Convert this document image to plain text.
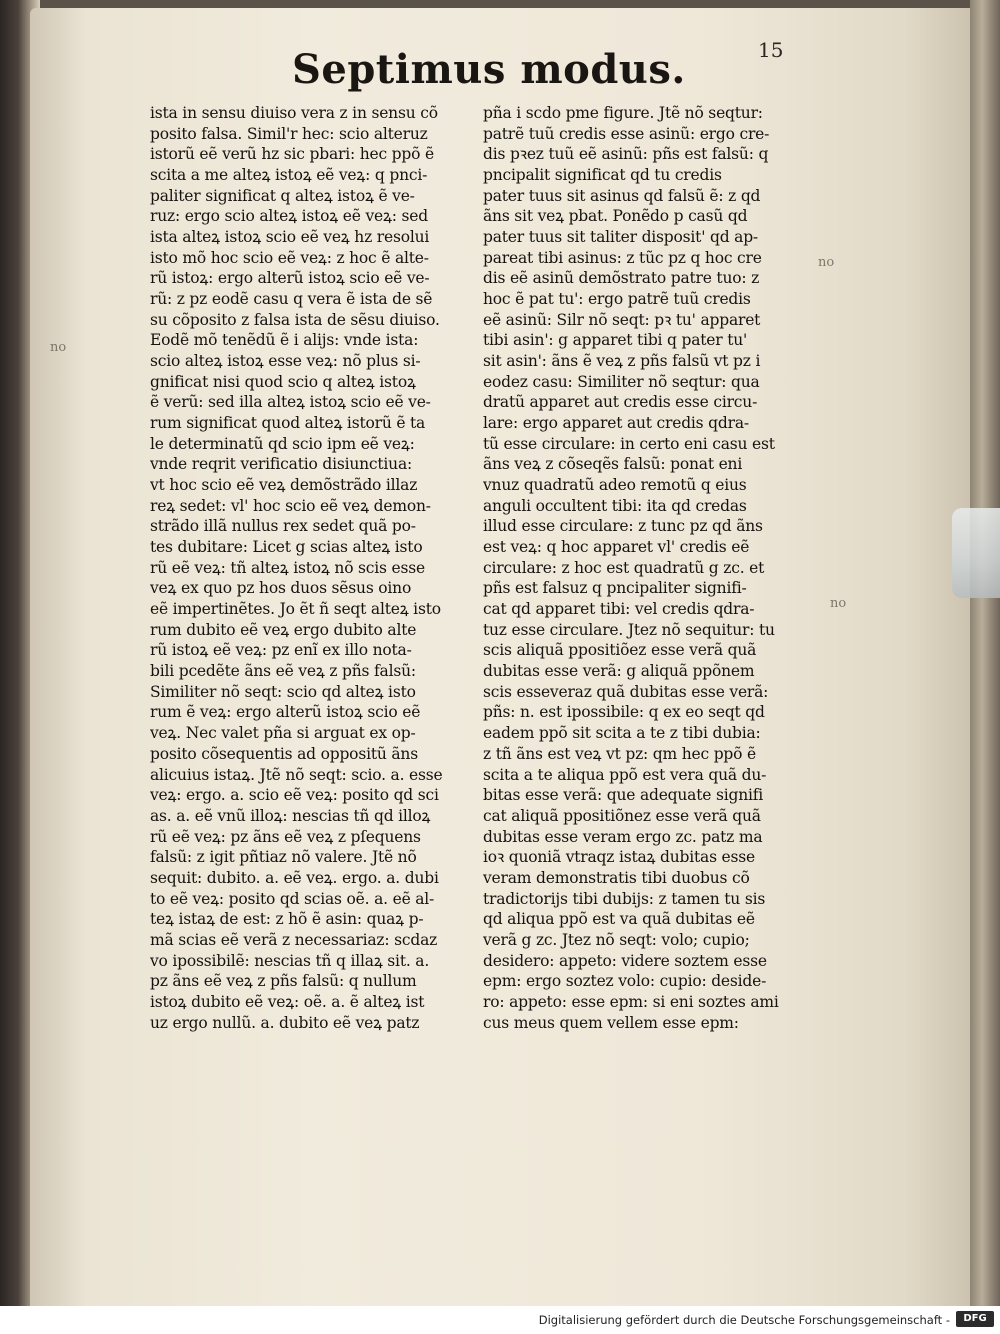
Septimus modus.	15
no
no
no
ista in sensu diuiso vera z in sensu cõ
posito falsa. Simil'r hec: scio alteruz
istorũ eẽ verũ hz sic pbari: hec ppõ ẽ
scita a me alteꝝ istoꝝ eẽ veꝝ: q pnci-
paliter significat q alteꝝ istoꝝ ẽ ve-
ruz: ergo scio alteꝝ istoꝝ eẽ veꝝ: sed
ista alteꝝ istoꝝ scio eẽ veꝝ hz resolui
isto mõ hoc scio eẽ veꝝ: z hoc ẽ alte-
rũ istoꝝ: ergo alterũ istoꝝ scio eẽ ve-
rũ: z pz eodẽ casu q vera ẽ ista de sẽ
su cõposito z falsa ista de sẽsu diuiso.
Eodẽ mõ tenẽdũ ẽ i alijs: vnde ista:
scio alteꝝ istoꝝ esse veꝝ: nõ plus si-
gnificat nisi quod scio q alteꝝ istoꝝ
ẽ verũ: sed illa alteꝝ istoꝝ scio eẽ ve-
rum significat quod alteꝝ istorũ ẽ ta
le determinatũ qd scio ipm eẽ veꝝ:
vnde reqrit verificatio disiunctiua:
vt hoc scio eẽ veꝝ demõstrãdo illaz
reꝝ sedet: vl' hoc scio eẽ veꝝ demon-
strãdo illã nullus rex sedet quã po-
tes dubitare: Licet g scias alteꝝ isto
rũ eẽ veꝝ: tñ alteꝝ istoꝝ nõ scis esse
veꝝ ex quo pz hos duos sẽsus oino
eẽ impertinẽtes. Jo ẽt ñ seqt alteꝝ isto
rum dubito eẽ veꝝ ergo dubito alte
rũ istoꝝ eẽ veꝝ: pz enĩ ex illo nota-
bili pcedẽte ãns eẽ veꝝ z pñs falsũ:
Similiter nõ seqt: scio qd alteꝝ isto
rum ẽ veꝝ: ergo alterũ istoꝝ scio eẽ
veꝝ. Nec valet pña si arguat ex op-
posito cõsequentis ad oppositũ ãns
alicuius istaꝝ. Jtẽ nõ seqt: scio. a. esse
veꝝ: ergo. a. scio eẽ veꝝ: posito qd sci
as. a. eẽ vnũ illoꝝ: nescias tñ qd illoꝝ
rũ eẽ veꝝ: pz ãns eẽ veꝝ z pſequens
falsũ: z igit pñtiaz nõ valere. Jtẽ nõ
sequit: dubito. a. eẽ veꝝ. ergo. a. dubi
to eẽ veꝝ: posito qd scias oẽ. a. eẽ al-
teꝝ istaꝝ de est: z hõ ẽ asin: quaꝝ p-
mã scias eẽ verã z necessariaz: scdaz
vo ipossibilẽ: nescias tñ q illaꝝ sit. a.
pz ãns eẽ veꝝ z pñs falsũ: q nullum
istoꝝ dubito eẽ veꝝ: oẽ. a. ẽ alteꝝ ist
uz ergo nullũ. a. dubito eẽ veꝝ patz
pña i scdo pme figure. Jtẽ nõ seqtur:
patrẽ tuũ credis esse asinũ: ergo cre-
dis pꝛez tuũ eẽ asinũ: pñs est falsũ: q
pncipalit significat qd tu credis
pater tuus sit asinus qd falsũ ẽ: z qd
ãns sit veꝝ pbat. Ponẽdo p casũ qd
pater tuus sit taliter disposit' qd ap-
pareat tibi asinus: z tũc pz q hoc cre
dis eẽ asinũ demõstrato patre tuo: z
hoc ẽ pat tu': ergo patrẽ tuũ credis
eẽ asinũ: Silr nõ seqt: pꝛ tu' apparet
tibi asin': g apparet tibi q pater tu'
sit asin': ãns ẽ veꝝ z pñs falsũ vt pz i
eodez casu: Similiter nõ seqtur: qua
dratũ apparet aut credis esse circu-
lare: ergo apparet aut credis qdra-
tũ esse circulare: in certo eni casu est
ãns veꝝ z cõseqẽs falsũ: ponat eni
vnuz quadratũ adeo remotũ q eius
anguli occultent tibi: ita qd credas
illud esse circulare: z tunc pz qd ãns
est veꝝ: q hoc apparet vl' credis eẽ
circulare: z hoc est quadratũ g zc. et
pñs est falsuz q pncipaliter signifi-
cat qd apparet tibi: vel credis qdra-
tuz esse circulare. Jtez nõ sequitur: tu
scis aliquã ppositiõez esse verã quã
dubitas esse verã: g aliquã ppõnem
scis esseveraz quã dubitas esse verã:
pñs: n. est ipossibile: q ex eo seqt qd
eadem ppõ sit scita a te z tibi dubia:
z tñ ãns est veꝝ vt pz: qm hec ppõ ẽ
scita a te aliqua ppõ est vera quã du-
bitas esse verã: que adequate signifi
cat aliquã ppositiõnez esse verã quã
dubitas esse veram ergo zc. patz ma
ioꝛ quoniã vtraqz istaꝝ dubitas esse
veram demonstratis tibi duobus cõ
tradictorijs tibi dubijs: z tamen tu sis
qd aliqua ppõ est va quã dubitas eẽ
verã g zc. Jtez nõ seqt: volo; cupio;
desidero: appeto: videre soztem esse
epm: ergo soztez volo: cupio: deside-
ro: appeto: esse epm: si eni soztes ami
cus meus quem vellem esse epm:
Digitalisierung gefördert durch die Deutsche Forschungsgemeinschaft -	DFG
